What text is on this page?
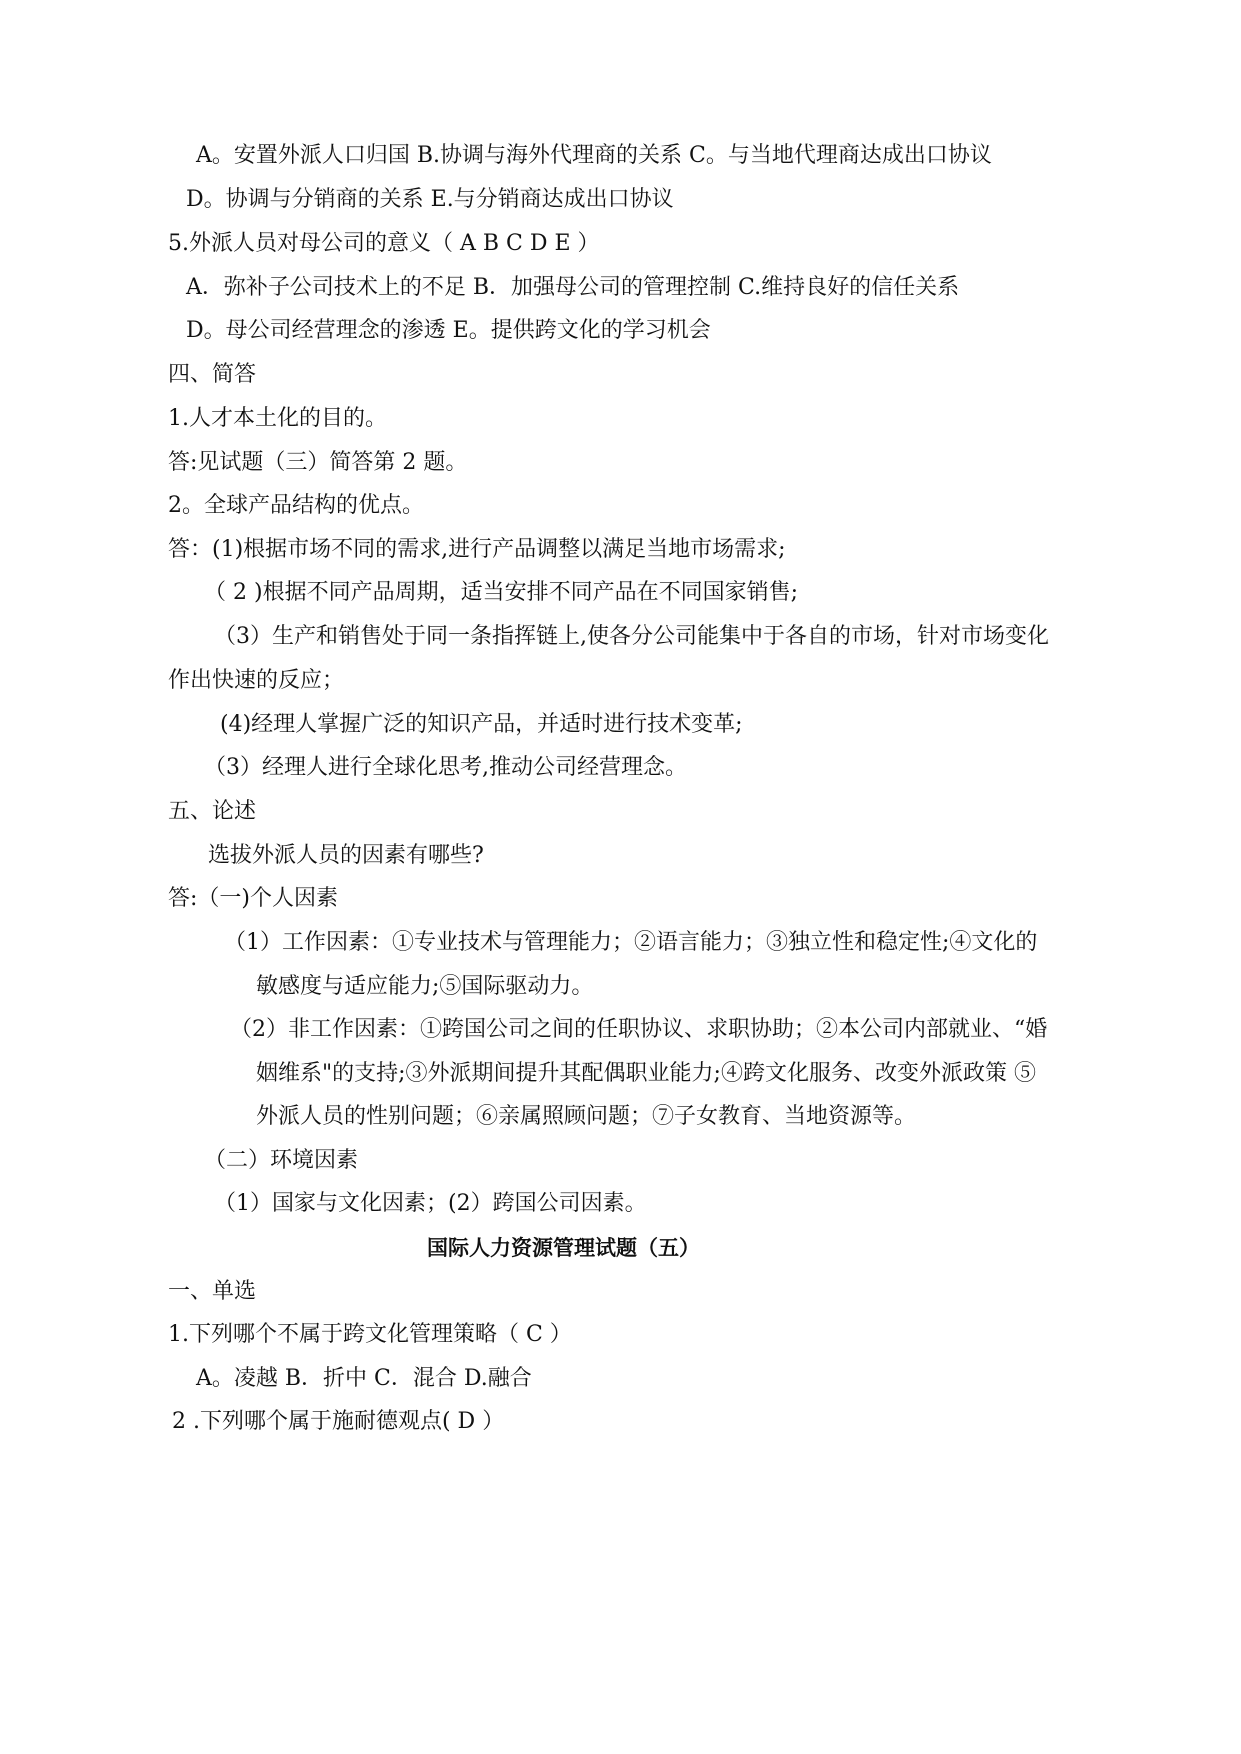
A。安置外派人口归国 B.协调与海外代理商的关系 C。与当地代理商达成出口协议
D。协调与分销商的关系 E.与分销商达成出口协议
5.外派人员对母公司的意义（ A B C D E ）
A．弥补子公司技术上的不足 B．加强母公司的管理控制 C.维持良好的信任关系
D。母公司经营理念的渗透 E。提供跨文化的学习机会
四、简答
1.人才本土化的目的。
答:见试题（三）简答第 2 题。
2。全球产品结构的优点。
答：(1)根据市场不同的需求,进行产品调整以满足当地市场需求;
（ 2 )根据不同产品周期，适当安排不同产品在不同国家销售;
（3）生产和销售处于同一条指挥链上,使各分公司能集中于各自的市场，针对市场变化
作出快速的反应；
(4)经理人掌握广泛的知识产品，并适时进行技术变革;
（3）经理人进行全球化思考,推动公司经营理念。
五、论述
选拔外派人员的因素有哪些?
答:（一)个人因素
（1）工作因素：①专业技术与管理能力；②语言能力；③独立性和稳定性;④文化的
敏感度与适应能力;⑤国际驱动力。
（2）非工作因素：①跨国公司之间的任职协议、求职协助；②本公司内部就业、“婚
姻维系"的支持;③外派期间提升其配偶职业能力;④跨文化服务、改变外派政策 ⑤
外派人员的性别问题；⑥亲属照顾问题；⑦子女教育、当地资源等。
（二）环境因素
（1）国家与文化因素；(2）跨国公司因素。
国际人力资源管理试题（五）
一、单选
1.下列哪个不属于跨文化管理策略（ C ）
A。凌越 B．折中 C．混合 D.融合
2 .下列哪个属于施耐德观点( D ）
